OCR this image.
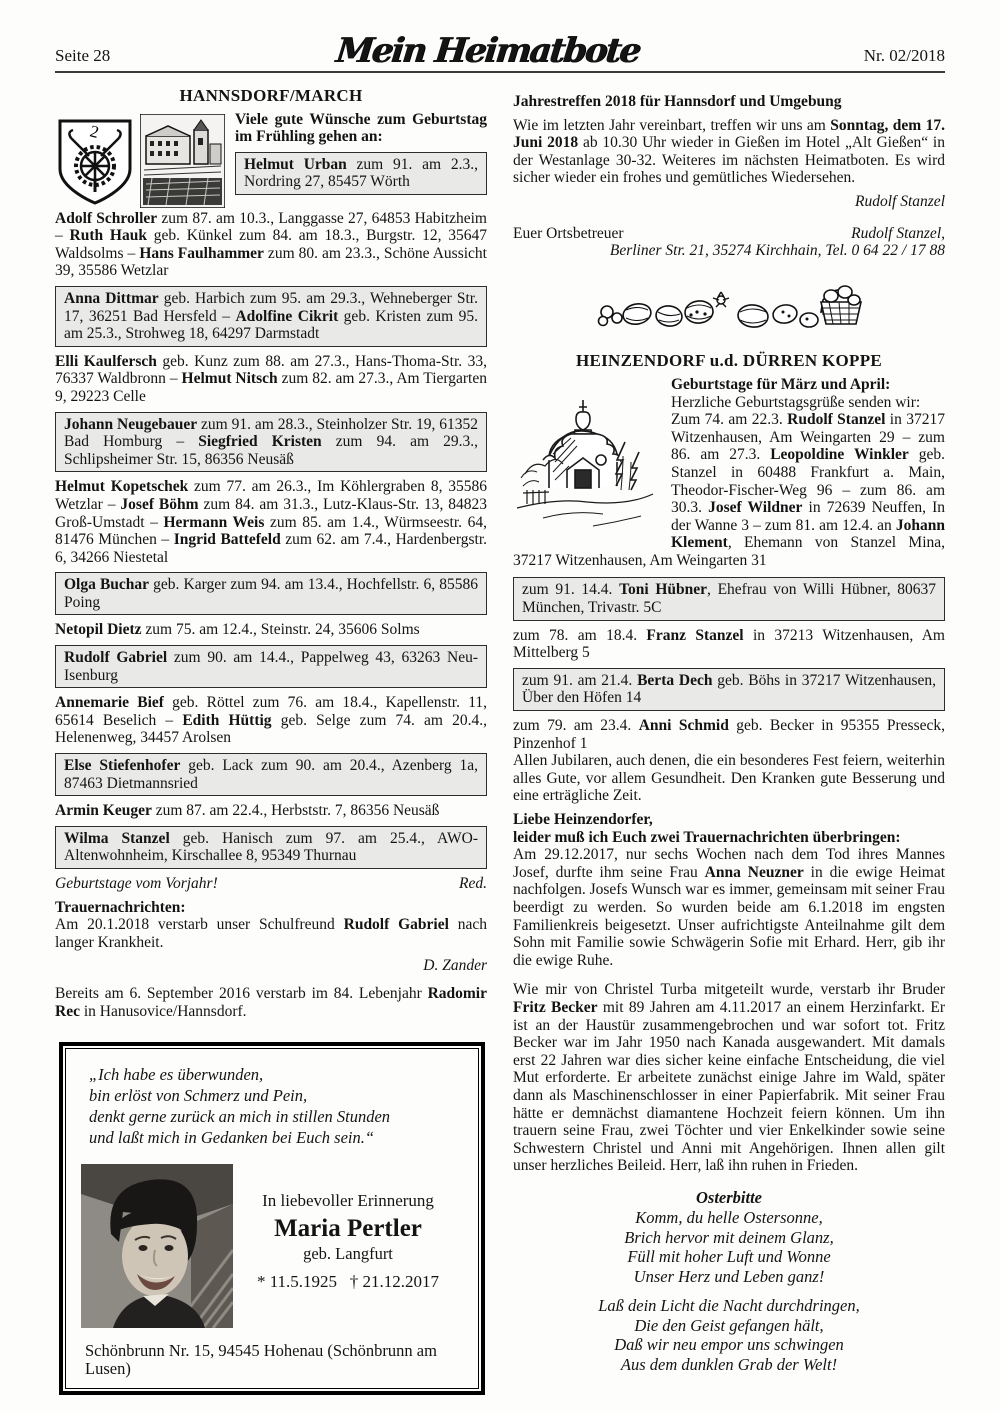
Seite 28	Mein Heimatbote	Nr. 02/2018
HANNSDORF/MARCH
2

Viele gute Wünsche zum Geburtstag im Frühling gehen an:

Helmut Urban zum 91. am 2.3., Nordring 27, 85457 Wörth

Adolf Schroller zum 87. am 10.3., Langgasse 27, 64853 Habitzheim – Ruth Hauk geb. Künkel zum 84. am 18.3., Burgstr. 12, 35647 Waldsolms – Hans Faulhammer zum 80. am 23.3., Schöne Aussicht 39, 35586 Wetzlar

Anna Dittmar geb. Harbich zum 95. am 29.3., Wehneberger Str. 17, 36251 Bad Hersfeld – Adolfine Cikrit geb. Kristen zum 95. am 25.3., Strohweg 18, 64297 Darmstadt

Elli Kaulfersch geb. Kunz zum 88. am 27.3., Hans-Thoma-Str. 33, 76337 Waldbronn – Helmut Nitsch zum 82. am 27.3., Am Tiergarten 9, 29223 Celle

Johann Neugebauer zum 91. am 28.3., Steinholzer Str. 19, 61352 Bad Homburg – Siegfried Kristen zum 94. am 29.3., Schlipsheimer Str. 15, 86356 Neusäß

Helmut Kopetschek zum 77. am 26.3., Im Köhlergraben 8, 35586 Wetzlar – Josef Böhm zum 84. am 31.3., Lutz-Klaus-Str. 13, 84823 Groß-Umstadt – Hermann Weis zum 85. am 1.4., Würmseestr. 64, 81476 München – Ingrid Battefeld zum 62. am 7.4., Hardenbergstr. 6, 34266 Niestetal

Olga Buchar geb. Karger zum 94. am 13.4., Hochfellstr. 6, 85586 Poing

Netopil Dietz zum 75. am 12.4., Steinstr. 24, 35606 Solms

Rudolf Gabriel zum 90. am 14.4., Pappelweg 43, 63263 Neu-Isenburg

Annemarie Bief geb. Röttel zum 76. am 18.4., Kapellenstr. 11, 65614 Beselich – Edith Hüttig geb. Selge zum 74. am 20.4., Helenenweg, 34457 Arolsen

Else Stiefenhofer geb. Lack zum 90. am 20.4., Azenberg 1a, 87463 Dietmannsried

Armin Keuger zum 87. am 22.4., Herbststr. 7, 86356 Neusäß

Wilma Stanzel geb. Hanisch zum 97. am 25.4., AWO-Altenwohnheim, Kirschallee 8, 95349 Thurnau
Geburtstage vom Vorjahr!	Red.

Trauernachrichten:

Am 20.1.2018 verstarb unser Schulfreund Rudolf Gabriel nach langer Krankheit.

D. Zander

Bereits am 6. September 2016 verstarb im 84. Lebenjahr Radomir Rec in Hanusovice/Hannsdorf.

„Ich habe es überwunden,
bin erlöst von Schmerz und Pein,
denkt gerne zurück an mich in stillen Stunden
und laßt mich in Gedanken bei Euch sein.“
In liebevoller Erinnerung
Maria Pertler
geb. Langfurt
* 11.5.1925   † 21.12.2017
Schönbrunn Nr. 15, 94545 Hohenau (Schönbrunn am Lusen)

Jahrestreffen 2018 für Hannsdorf und Umgebung

Wie im letzten Jahr vereinbart, treffen wir uns am Sonntag, dem 17. Juni 2018 ab 10.30 Uhr wieder in Gießen im Hotel „Alt Gießen“ in der Westanlage 30-32. Weiteres im nächsten Heimatboten. Es wird sicher wieder ein frohes und gemütliches Wiedersehen.

Rudolf Stanzel
Euer Ortsbetreuer	Rudolf Stanzel,
Berliner Str. 21, 35274 Kirchhain, Tel. 0 64 22 / 17 88
HEINZENDORF u.d. DÜRREN KOPPE

Geburtstage für März und April:

Herzliche Geburtstagsgrüße senden wir:

Zum 74. am 22.3. Rudolf Stanzel in 37217 Witzenhausen, Am Weingarten 29 – zum 86. am 27.3. Leopoldine Winkler geb. Stanzel in 60488 Frankfurt a. Main, Theodor-Fischer-Weg 96 – zum 86. am 30.3. Josef Wildner in 72639 Neuffen, In der Wanne 3 – zum 81. am 12.4. an Johann Klement, Ehemann von Stanzel Mina, 37217 Witzenhausen, Am Weingarten 31

zum 91. 14.4. Toni Hübner, Ehefrau von Willi Hübner, 80637 München, Trivastr. 5C

zum 78. am 18.4. Franz Stanzel in 37213 Witzenhausen, Am Mittelberg 5

zum 91. am 21.4. Berta Dech geb. Böhs in 37217 Witzenhausen, Über den Höfen 14

zum 79. am 23.4. Anni Schmid geb. Becker in 95355 Presseck, Pinzenhof 1

Allen Jubilaren, auch denen, die ein besonderes Fest feiern, weiterhin alles Gute, vor allem Gesundheit. Den Kranken gute Besserung und eine erträgliche Zeit.

Liebe Heinzendorfer,

leider muß ich Euch zwei Trauernachrichten überbringen:

Am 29.12.2017, nur sechs Wochen nach dem Tod ihres Mannes Josef, durfte ihm seine Frau Anna Neuzner in die ewige Heimat nachfolgen. Josefs Wunsch war es immer, gemeinsam mit seiner Frau beerdigt zu werden. So wurden beide am 6.1.2018 im engsten Familienkreis beigesetzt. Unser aufrichtigste Anteilnahme gilt dem Sohn mit Familie sowie Schwägerin Sofie mit Erhard. Herr, gib ihr die ewige Ruhe.

Wie mir von Christel Turba mitgeteilt wurde, verstarb ihr Bruder Fritz Becker mit 89 Jahren am 4.11.2017 an einem Herzinfarkt. Er ist an der Haustür zusammengebrochen und war sofort tot. Fritz Becker war im Jahr 1950 nach Kanada ausgewandert. Mit damals erst 22 Jahren war dies sicher keine einfache Entscheidung, die viel Mut erforderte. Er arbeitete zunächst einige Jahre im Wald, später dann als Maschinenschlosser in einer Papierfabrik. Mit seiner Frau hätte er demnächst diamantene Hochzeit feiern können. Um ihn trauern seine Frau, zwei Töchter und vier Enkelkinder sowie seine Schwestern Christel und Anni mit Angehörigen. Ihnen allen gilt unser herzliches Beileid. Herr, laß ihn ruhen in Frieden.

Osterbitte
Komm, du helle Ostersonne,
Brich hervor mit deinem Glanz,
Füll mit hoher Luft und Wonne
Unser Herz und Leben ganz!
Laß dein Licht die Nacht durchdringen,
Die den Geist gefangen hält,
Daß wir neu empor uns schwingen
Aus dem dunklen Grab der Welt!
